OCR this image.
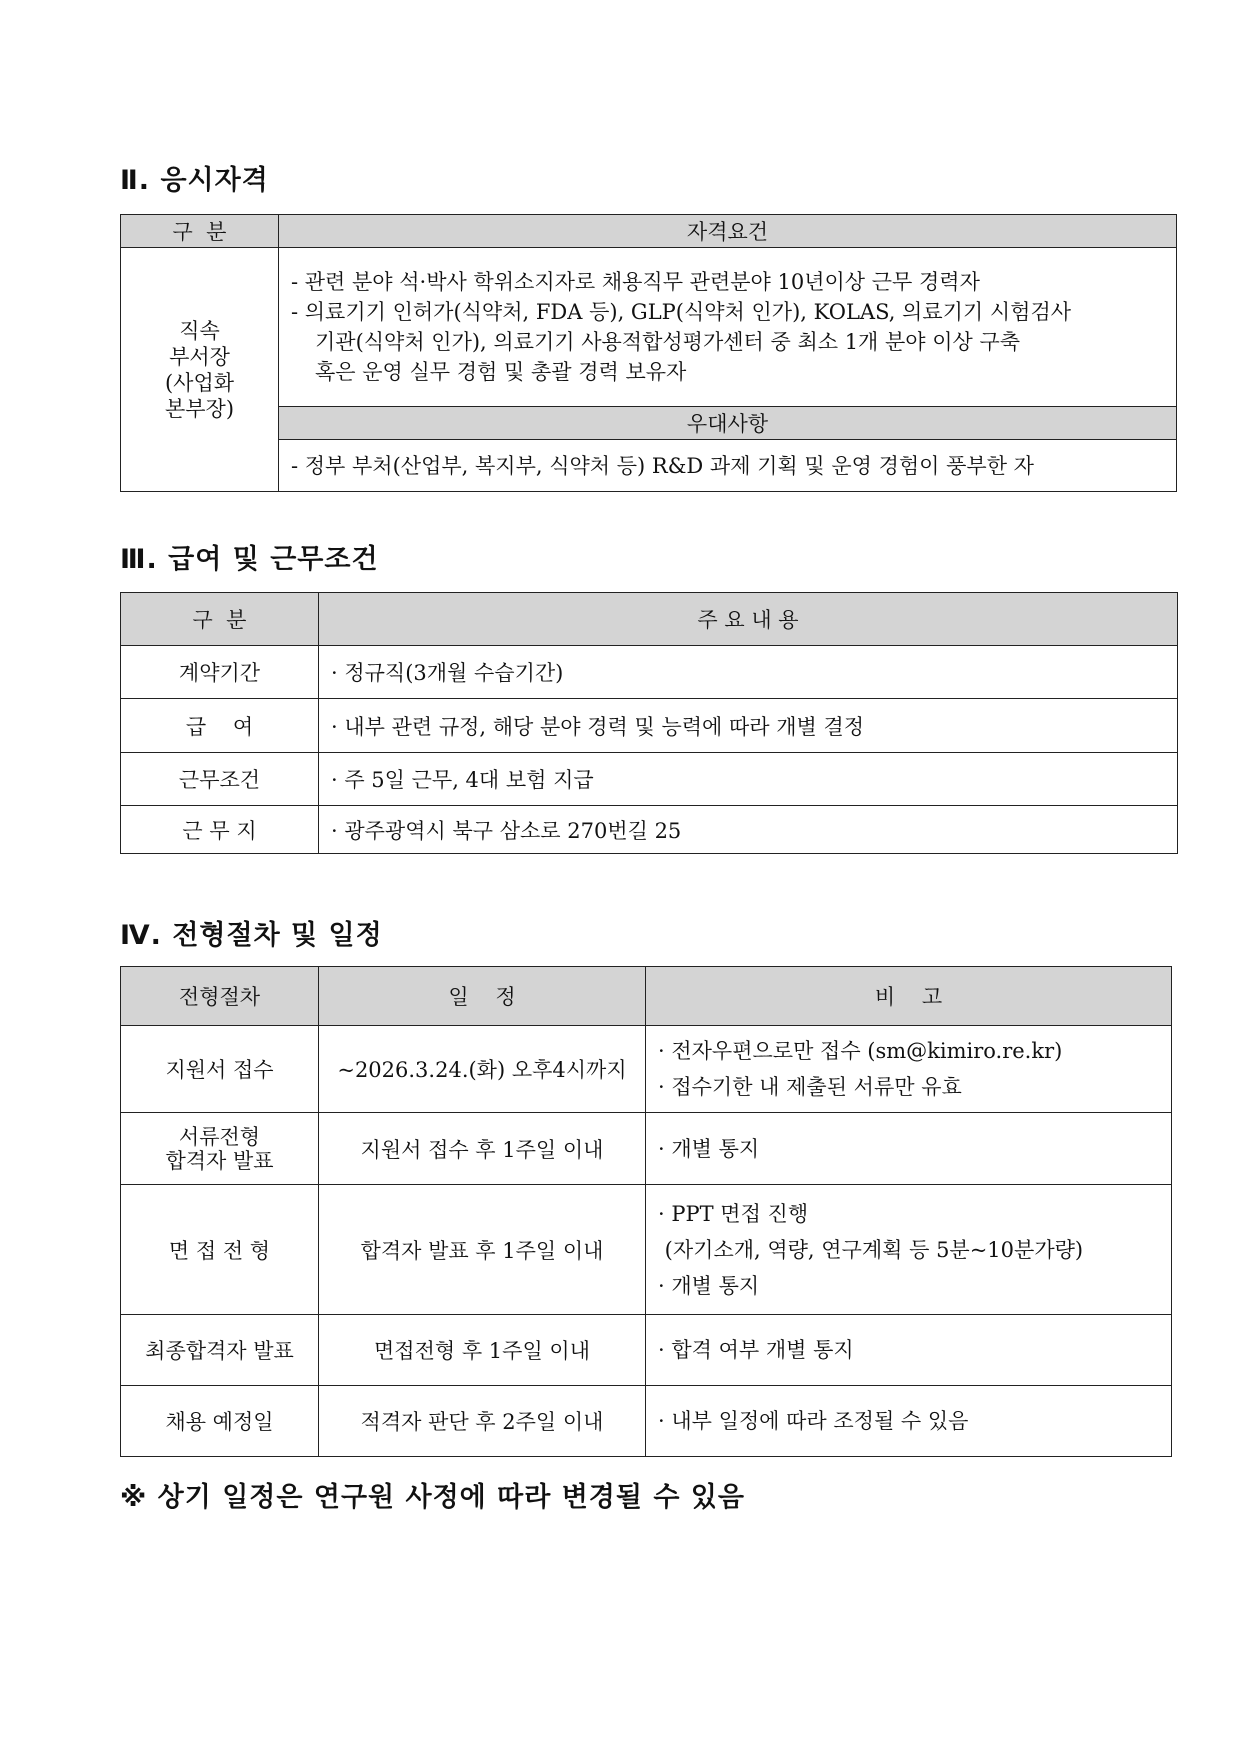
Ⅱ. 응시자격
구  분	자격요건

직속
부서장
(사업화
본부장)	- 관련 분야 석·박사 학위소지자로 채용직무 관련분야 10년이상 근무 경력자
- 의료기기 인허가(식약처, FDA 등), GLP(식약처 인가), KOLAS, 의료기기 시험검사
기관(식약처 인가), 의료기기 사용적합성평가센터 중 최소 1개 분야 이상 구축
혹은 운영 실무 경험 및 총괄 경력 보유자

	우대사항

	- 정부 부처(산업부, 복지부, 식약처 등) R&D 과제 기획 및 운영 경험이 풍부한 자
Ⅲ. 급여 및 근무조건
구  분	주 요 내 용
계약기간	· 정규직(3개월 수습기간)
급    여	· 내부 관련 규정, 해당 분야 경력 및 능력에 따라 개별 결정
근무조건	· 주 5일 근무, 4대 보험 지급
근 무 지	· 광주광역시 북구 삼소로 270번길 25
Ⅳ. 전형절차 및 일정
전형절차	일    정	비    고
지원서 접수	~2026.3.24.(화) 오후4시까지	· 전자우편으로만 접수 (sm@kimiro.re.kr)
· 접수기한 내 제출된 서류만 유효

서류전형
합격자 발표	지원서 접수 후 1주일 이내	· 개별 통지

면 접 전 형	합격자 발표 후 1주일 이내	· PPT 면접 진행
(자기소개, 역량, 연구계획 등 5분~10분가량)
· 개별 통지

최종합격자 발표	면접전형 후 1주일 이내	· 합격 여부 개별 통지

채용 예정일	적격자 판단 후 2주일 이내	· 내부 일정에 따라 조정될 수 있음

※ 상기 일정은 연구원 사정에 따라 변경될 수 있음
